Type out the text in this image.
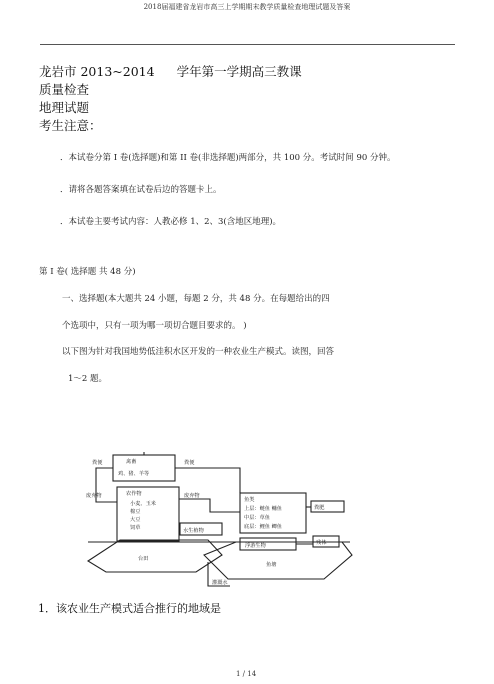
2018届福建省龙岩市高三上学期期末教学质量检查地理试题及答案
龙岩市 2013~2014 学年第一学期高三教课
质量检查
地理试题
考生注意：
．本试卷分第 I 卷(选择题)和第 II 卷(非选择题)两部分，共 100 分。考试时间 90 分钟。
．请将各题答案填在试卷后边的答题卡上。
．本试卷主要考试内容：人教必修 1、2、3(含地区地理)。
第 I 卷( 选择题 共 48 分)
一、选择题(本大题共 24 小题，每题 2 分，共 48 分。在每题给出的四
个选项中，只有一项为哪一项切合题目要求的。 )
以下图为针对我国地势低洼积水区开发的一种农业生产模式。读图，回答
1～2 题。
禽畜
鸡、猪、羊等
农作物
小麦、玉米
棉豆
大豆
饲草
鱼类
上层：鲢鱼 鳙鱼
中层：草鱼
底层：鲤鱼 鲫鱼
浮游生物
水生植物
粪肥
残体
粪便	粪便
废弃物	废弃物
台田
鱼塘
灌溉水
1．该农业生产模式适合推行的地域是
1 / 14
